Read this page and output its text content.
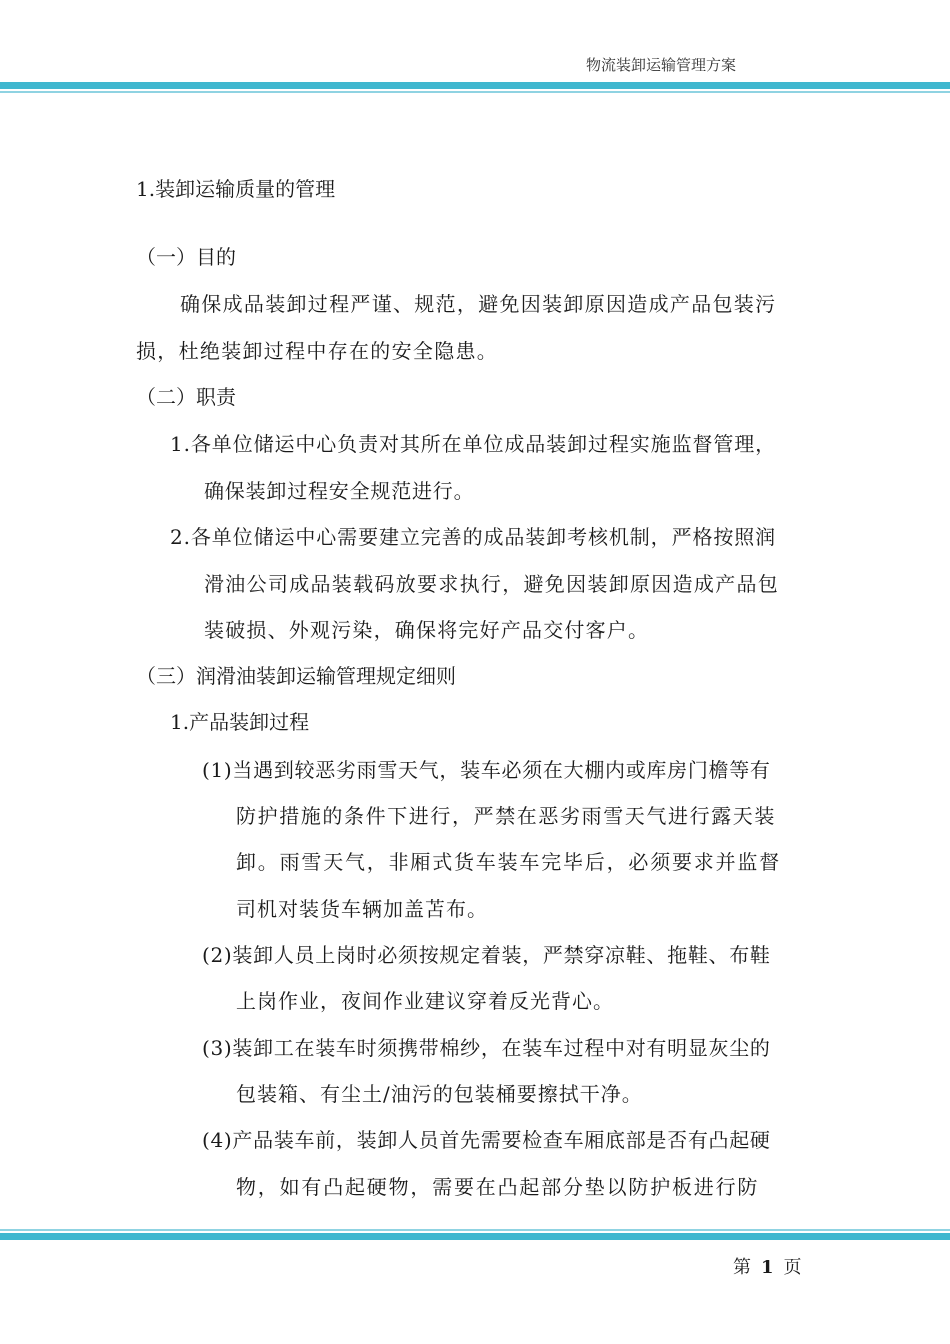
物流装卸运输管理方案
1.装卸运输质量的管理
（一）目的
确保成品装卸过程严谨、规范，避免因装卸原因造成产品包装污
损，杜绝装卸过程中存在的安全隐患。
（二）职责
1.各单位储运中心负责对其所在单位成品装卸过程实施监督管理，
确保装卸过程安全规范进行。
2.各单位储运中心需要建立完善的成品装卸考核机制，严格按照润
滑油公司成品装载码放要求执行，避免因装卸原因造成产品包
装破损、外观污染，确保将完好产品交付客户。
（三）润滑油装卸运输管理规定细则
1.产品装卸过程
(1)当遇到较恶劣雨雪天气，装车必须在大棚内或库房门檐等有
防护措施的条件下进行，严禁在恶劣雨雪天气进行露天装
卸。雨雪天气，非厢式货车装车完毕后，必须要求并监督
司机对装货车辆加盖苫布。
(2)装卸人员上岗时必须按规定着装，严禁穿凉鞋、拖鞋、布鞋
上岗作业，夜间作业建议穿着反光背心。
(3)装卸工在装车时须携带棉纱，在装车过程中对有明显灰尘的
包装箱、有尘土/油污的包装桶要擦拭干净。
(4)产品装车前，装卸人员首先需要检查车厢底部是否有凸起硬
物，如有凸起硬物，需要在凸起部分垫以防护板进行防
第 1 页
